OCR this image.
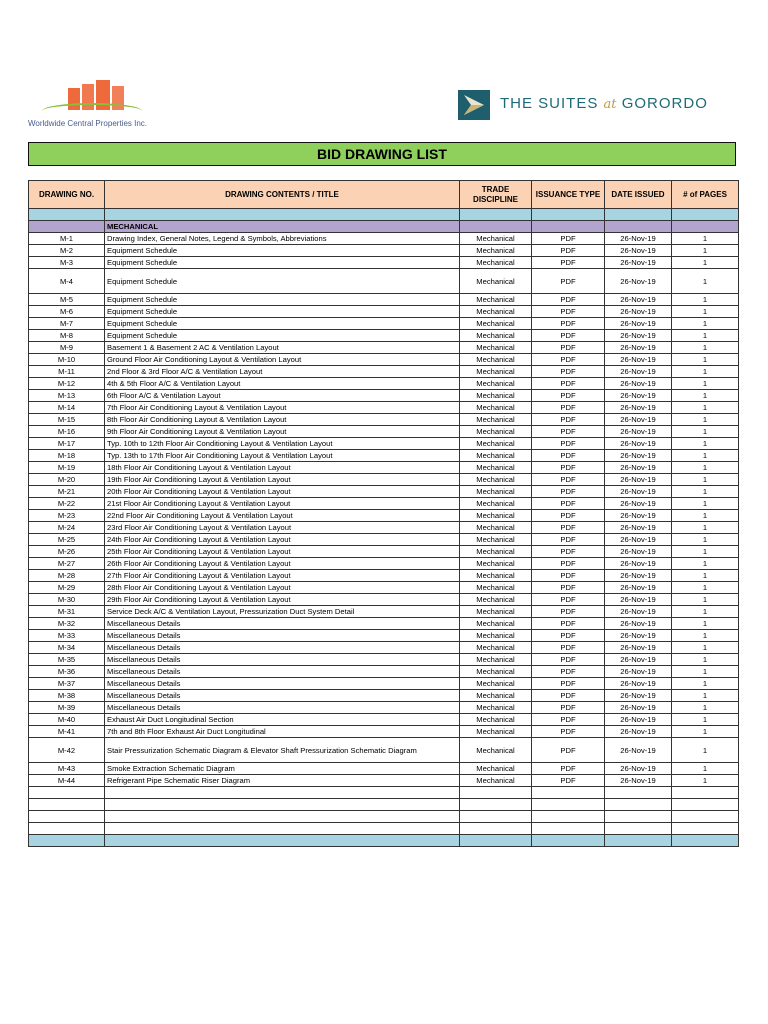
Worldwide Central Properties Inc.
THE SUITES at GORORDO
BID DRAWING LIST
DRAWING NO.	DRAWING CONTENTS / TITLE	TRADE DISCIPLINE	ISSUANCE TYPE	DATE ISSUED	# of PAGES

	MECHANICAL				
M-1	Drawing Index, General Notes, Legend & Symbols, Abbreviations	Mechanical	PDF	26-Nov-19	1
M-2	Equipment Schedule	Mechanical	PDF	26-Nov-19	1
M-3	Equipment Schedule	Mechanical	PDF	26-Nov-19	1
M-4	Equipment Schedule	Mechanical	PDF	26-Nov-19	1
M-5	Equipment Schedule	Mechanical	PDF	26-Nov-19	1
M-6	Equipment Schedule	Mechanical	PDF	26-Nov-19	1
M-7	Equipment Schedule	Mechanical	PDF	26-Nov-19	1
M-8	Equipment Schedule	Mechanical	PDF	26-Nov-19	1
M-9	Basement 1 & Basement 2 AC & Ventilation Layout	Mechanical	PDF	26-Nov-19	1
M-10	Ground Floor Air Conditioning Layout & Ventilation Layout	Mechanical	PDF	26-Nov-19	1
M-11	2nd Floor & 3rd Floor A/C & Ventilation Layout	Mechanical	PDF	26-Nov-19	1
M-12	4th & 5th Floor A/C & Ventilation Layout	Mechanical	PDF	26-Nov-19	1
M-13	6th Floor A/C & Ventilation Layout	Mechanical	PDF	26-Nov-19	1
M-14	7th Floor Air Conditioning Layout & Ventilation Layout	Mechanical	PDF	26-Nov-19	1
M-15	8th Floor Air Conditioning Layout & Ventilation Layout	Mechanical	PDF	26-Nov-19	1
M-16	9th Floor Air Conditioning Layout & Ventilation Layout	Mechanical	PDF	26-Nov-19	1
M-17	Typ. 10th to 12th Floor Air Conditioning Layout & Ventilation Layout	Mechanical	PDF	26-Nov-19	1
M-18	Typ. 13th to 17th Floor Air Conditioning Layout & Ventilation Layout	Mechanical	PDF	26-Nov-19	1
M-19	18th Floor Air Conditioning Layout & Ventilation Layout	Mechanical	PDF	26-Nov-19	1
M-20	19th Floor Air Conditioning Layout & Ventilation Layout	Mechanical	PDF	26-Nov-19	1
M-21	20th Floor Air Conditioning Layout & Ventilation Layout	Mechanical	PDF	26-Nov-19	1
M-22	21st Floor Air Conditioning Layout & Ventilation Layout	Mechanical	PDF	26-Nov-19	1
M-23	22nd Floor Air Conditioning Layout & Ventilation Layout	Mechanical	PDF	26-Nov-19	1
M-24	23rd Floor Air Conditioning Layout & Ventilation Layout	Mechanical	PDF	26-Nov-19	1
M-25	24th Floor Air Conditioning Layout & Ventilation Layout	Mechanical	PDF	26-Nov-19	1
M-26	25th Floor Air Conditioning Layout & Ventilation Layout	Mechanical	PDF	26-Nov-19	1
M-27	26th Floor Air Conditioning Layout & Ventilation Layout	Mechanical	PDF	26-Nov-19	1
M-28	27th Floor Air Conditioning Layout & Ventilation Layout	Mechanical	PDF	26-Nov-19	1
M-29	28th Floor Air Conditioning Layout & Ventilation Layout	Mechanical	PDF	26-Nov-19	1
M-30	29th Floor Air Conditioning Layout & Ventilation Layout	Mechanical	PDF	26-Nov-19	1
M-31	Service Deck A/C & Ventilation Layout, Pressurization Duct System Detail	Mechanical	PDF	26-Nov-19	1
M-32	Miscellaneous Details	Mechanical	PDF	26-Nov-19	1
M-33	Miscellaneous Details	Mechanical	PDF	26-Nov-19	1
M-34	Miscellaneous Details	Mechanical	PDF	26-Nov-19	1
M-35	Miscellaneous Details	Mechanical	PDF	26-Nov-19	1
M-36	Miscellaneous Details	Mechanical	PDF	26-Nov-19	1
M-37	Miscellaneous Details	Mechanical	PDF	26-Nov-19	1
M-38	Miscellaneous Details	Mechanical	PDF	26-Nov-19	1
M-39	Miscellaneous Details	Mechanical	PDF	26-Nov-19	1
M-40	Exhaust Air Duct Longitudinal Section	Mechanical	PDF	26-Nov-19	1
M-41	7th and 8th Floor Exhaust Air Duct Longitudinal	Mechanical	PDF	26-Nov-19	1
M-42	Stair Pressurization Schematic Diagram & Elevator Shaft Pressurization Schematic Diagram	Mechanical	PDF	26-Nov-19	1
M-43	Smoke Extraction Schematic Diagram	Mechanical	PDF	26-Nov-19	1
M-44	Refrigerant Pipe Schematic Riser Diagram	Mechanical	PDF	26-Nov-19	1
